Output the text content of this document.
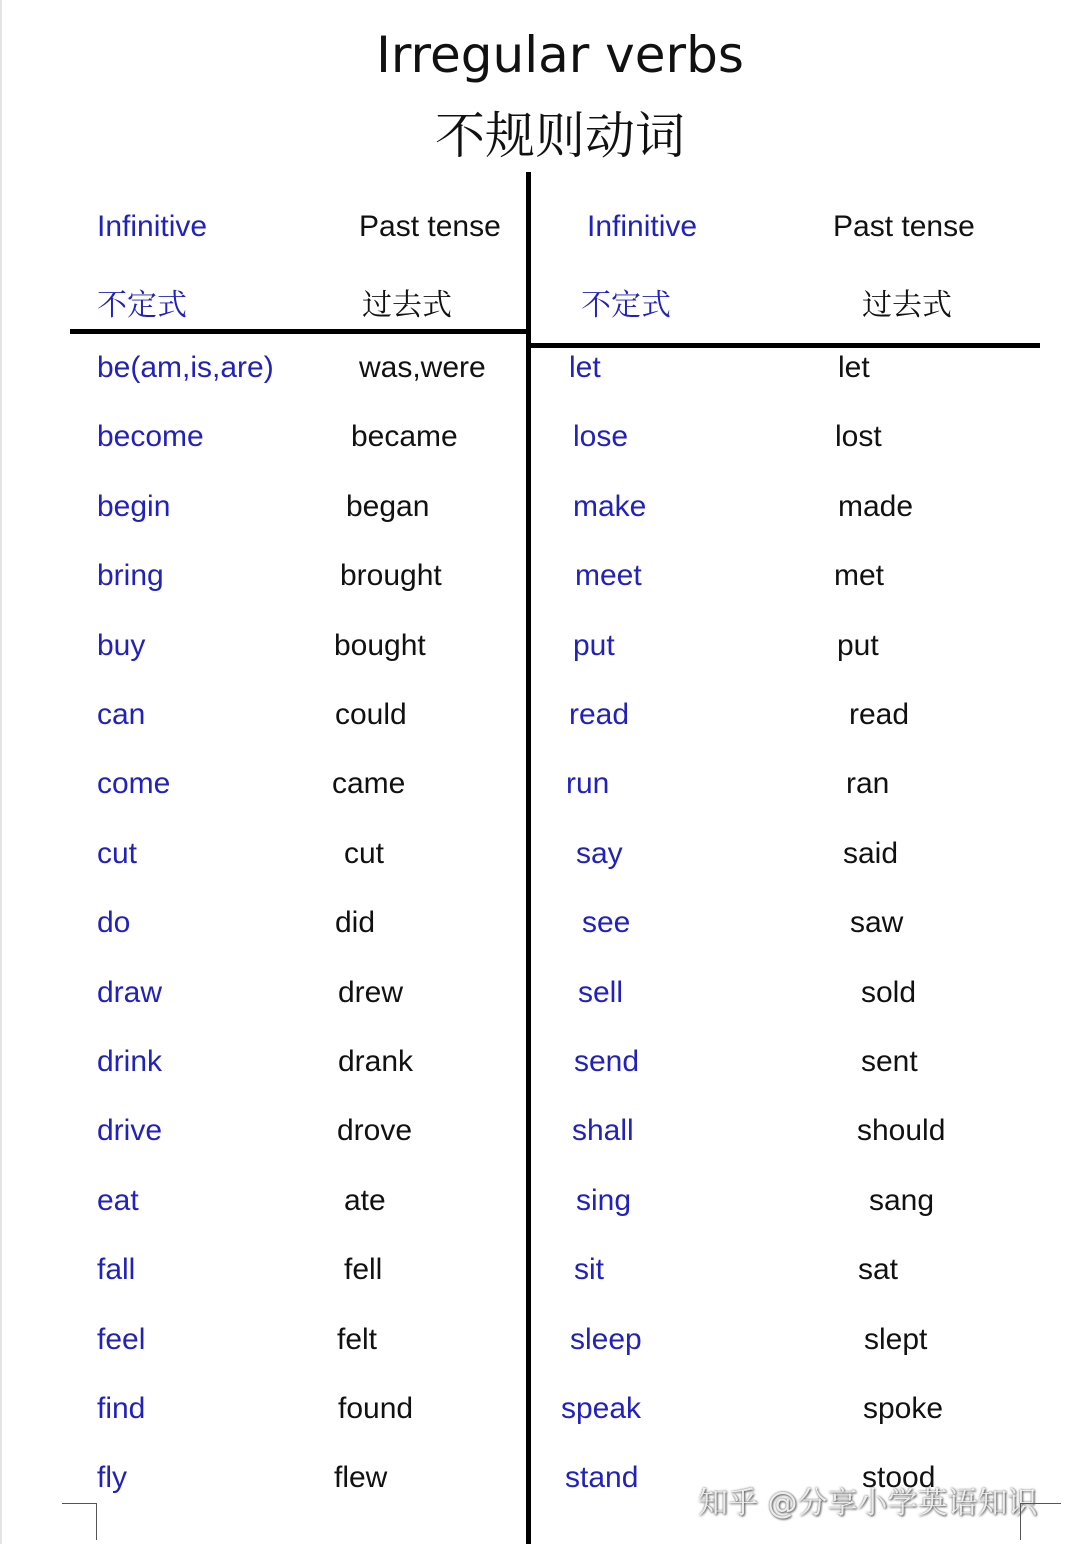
Irregular verbs
不规则动词
Infinitive	Past tense
不定式	过去式
Infinitive	Past tense
不定式	过去式
be(am,is,are)	was,were	let	let
become	became	lose	lost
begin	began	make	made
bring	brought	meet	met
buy	bought	put	put
can	could	read	read
come	came	run	ran
cut	cut	say	said
do	did	see	saw
draw	drew	sell	sold
drink	drank	send	sent
drive	drove	shall	should
eat	ate	sing	sang
fall	fell	sit	sat
feel	felt	sleep	slept
find	found	speak	spoke
fly	flew	stand	stood
知乎 @分享小学英语知识
